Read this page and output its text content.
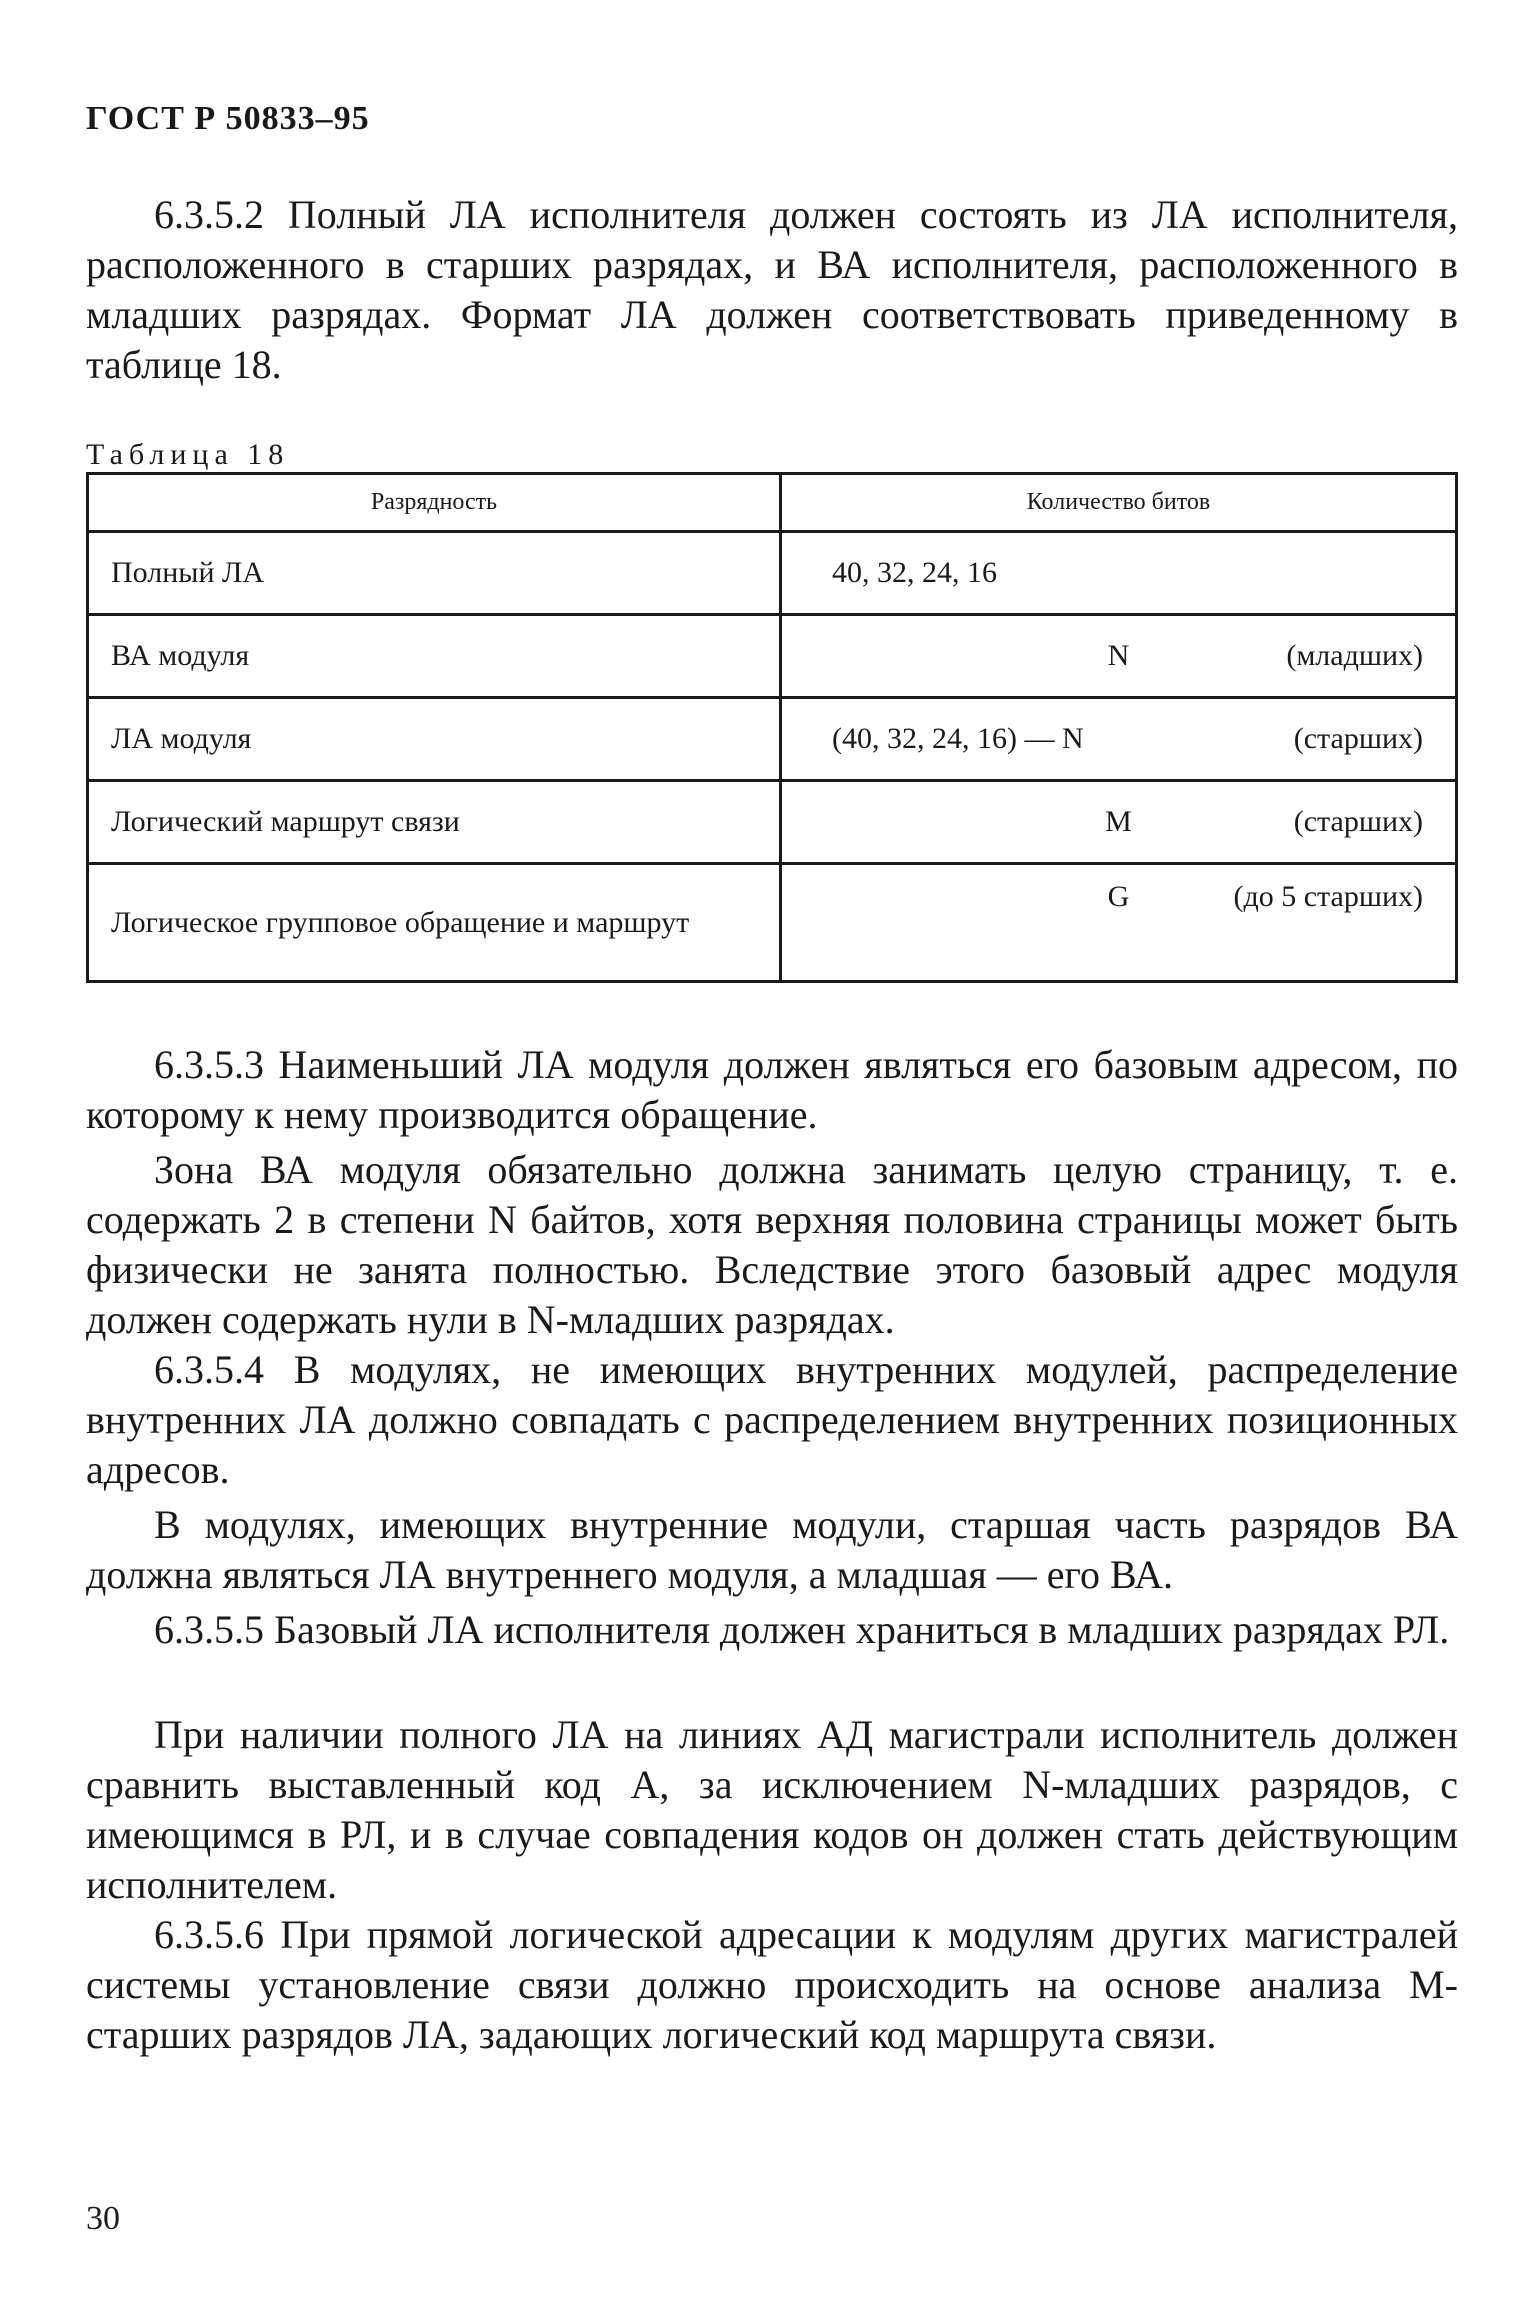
ГОСТ Р 50833–95

6.3.5.2 Полный ЛА исполнителя должен состоять из ЛА исполнителя, расположенного в старших разрядах, и ВА исполнителя, расположенного в младших разрядах. Формат ЛА должен соответствовать приведенному в таблице 18.

Таблица 18
Разрядность	Количество битов
Полный ЛА	40, 32, 24, 16

ВА модуля	N (младших)

ЛА модуля	(40, 32, 24, 16) — N (старших)

Логический маршрут связи	M (старших)

Логическое групповое обращение и маршрут	G (до 5 старших)

6.3.5.3 Наименьший ЛА модуля должен являться его базовым адресом, по которому к нему производится обращение.

Зона ВА модуля обязательно должна занимать целую страницу, т. е. содержать 2 в степени N байтов, хотя верхняя половина страницы может быть физически не занята полностью. Вследствие этого базовый адрес модуля должен содержать нули в N-младших разрядах.

6.3.5.4 В модулях, не имеющих внутренних модулей, распределение внутренних ЛА должно совпадать с распределением внутренних позиционных адресов.

В модулях, имеющих внутренние модули, старшая часть разрядов ВА должна являться ЛА внутреннего модуля, а младшая — его ВА.

6.3.5.5 Базовый ЛА исполнителя должен храниться в младших разрядах РЛ.

При наличии полного ЛА на линиях АД магистрали исполнитель должен сравнить выставленный код А, за исключением N-младших разрядов, с имеющимся в РЛ, и в случае совпадения кодов он должен стать действующим исполнителем.

6.3.5.6 При прямой логической адресации к модулям других магистралей системы установление связи должно происходить на основе анализа М-старших разрядов ЛА, задающих логический код маршрута связи.

30
